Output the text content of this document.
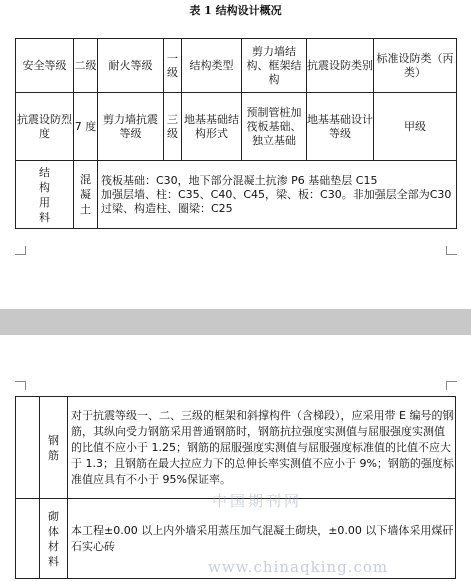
表 1 结构设计概况
安全等级	二级	耐火等级	一级	结构类型	剪力墙结构、框架结构	抗震设防类别	标准设防类（丙类）
抗震设防烈度	7 度	剪力墙抗震等级	三级	地基基础结构形式	预制管桩加筏板基础、独立基础	地基基础设计等级	甲级

结构用料	混凝土	筏板基础：C30，地下部分混凝土抗渗 P6 基础垫层 C15
加强层墙、柱：C35、C40、C45，梁、板：C30。非加强层全部为C30
过梁、构造柱、圈梁：C25					

	钢筋	对于抗震等级一、二、三级的框架和斜撑构件（含梯段），应采用带 E 编号的钢筋，其纵向受力钢筋采用普通钢筋时，钢筋抗拉强度实测值与屈服强度实测值的比值不应小于 1.25；钢筋的屈服强度实测值与屈服强度标准值的比值不应大于 1.3；且钢筋在最大拉应力下的总伸长率实测值不应小于 9%；钢筋的强度标准值应具有不小于 95%保证率。

	砌体材料	本工程±0.00 以上内外墙采用蒸压加气混凝土砌块，±0.00 以下墙体采用煤矸石实心砖
中国期刊网
www.chinaqking.com
